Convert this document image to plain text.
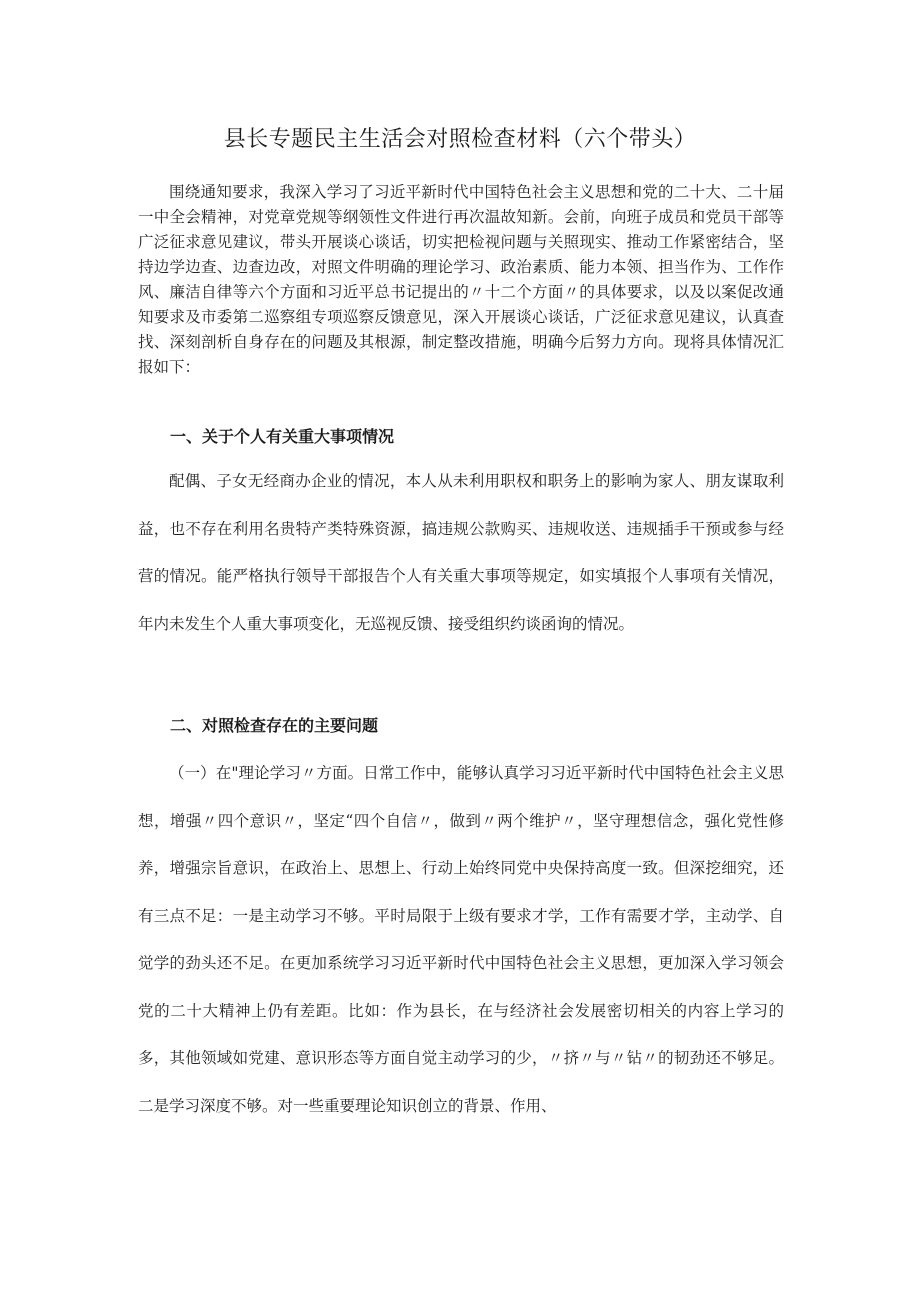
县长专题民主生活会对照检查材料（六个带头）

围绕通知要求，我深入学习了习近平新时代中国特色社会主义思想和党的二十大、二十届一中全会精神，对党章党规等纲领性文件进行再次温故知新。会前，向班子成员和党员干部等广泛征求意见建议，带头开展谈心谈话，切实把检视问题与关照现实、推动工作紧密结合，坚持边学边查、边查边改，对照文件明确的理论学习、政治素质、能力本领、担当作为、工作作风、廉洁自律等六个方面和习近平总书记提出的〃十二个方面〃的具体要求，以及以案促改通知要求及市委第二巡察组专项巡察反馈意见，深入开展谈心谈话，广泛征求意见建议，认真查找、深刻剖析自身存在的问题及其根源，制定整改措施，明确今后努力方向。现将具体情况汇报如下：

一、关于个人有关重大事项情况

配偶、子女无经商办企业的情况，本人从未利用职权和职务上的影响为家人、朋友谋取利益，也不存在利用名贵特产类特殊资源，搞违规公款购买、违规收送、违规插手干预或参与经营的情况。能严格执行领导干部报告个人有关重大事项等规定，如实填报个人事项有关情况，年内未发生个人重大事项变化，无巡视反馈、接受组织约谈函询的情况。

二、对照检查存在的主要问题

（一）在"理论学习〃方面。日常工作中，能够认真学习习近平新时代中国特色社会主义思想，增强〃四个意识〃，坚定“四个自信〃，做到〃两个维护〃，坚守理想信念，强化党性修养，增强宗旨意识，在政治上、思想上、行动上始终同党中央保持高度一致。但深挖细究，还有三点不足：一是主动学习不够。平时局限于上级有要求才学，工作有需要才学，主动学、自觉学的劲头还不足。在更加系统学习习近平新时代中国特色社会主义思想，更加深入学习领会党的二十大精神上仍有差距。比如：作为县长，在与经济社会发展密切相关的内容上学习的多，其他领域如党建、意识形态等方面自觉主动学习的少，〃挤〃与〃钻〃的韧劲还不够足。二是学习深度不够。对一些重要理论知识创立的背景、作用、
